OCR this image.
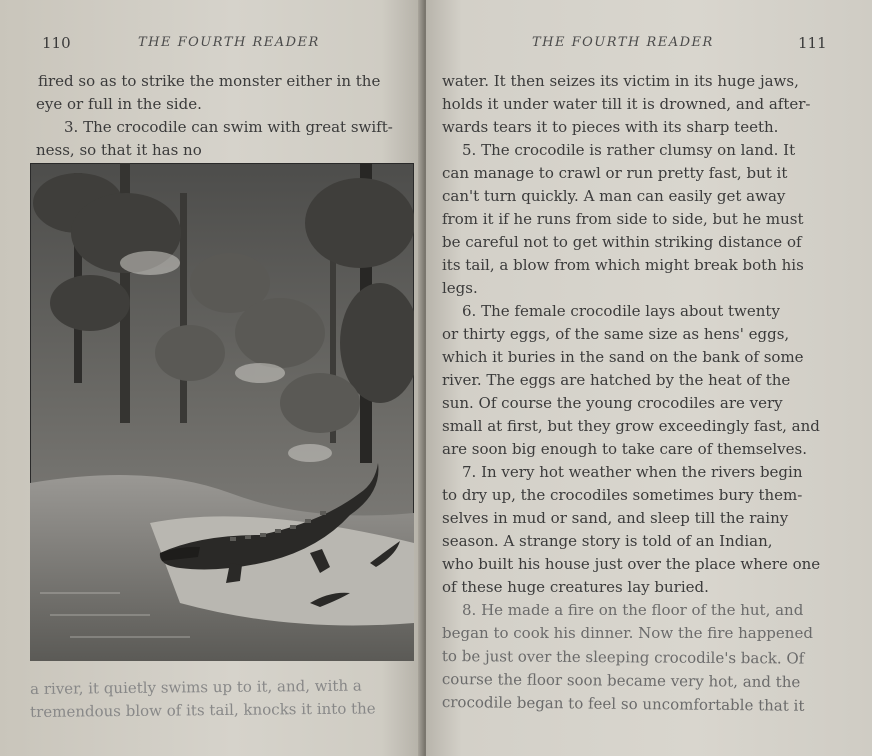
110	THE FOURTH READER
fired so as to strike the monster either in the
eye or full in the side.
3. The crocodile can swim with great swift-
ness, so that it has no
a river, it quietly swims up to it, and, with a
tremendous blow of its tail, knocks it into the
THE FOURTH READER	111
water. It then seizes its victim in its huge jaws,
holds it under water till it is drowned, and after-
wards tears it to pieces with its sharp teeth.
5. The crocodile is rather clumsy on land. It
can manage to crawl or run pretty fast, but it
can't turn quickly. A man can easily get away
from it if he runs from side to side, but he must
be careful not to get within striking distance of
its tail, a blow from which might break both his
legs.
6. The female crocodile lays about twenty
or thirty eggs, of the same size as hens' eggs,
which it buries in the sand on the bank of some
river. The eggs are hatched by the heat of the
sun. Of course the young crocodiles are very
small at first, but they grow exceedingly fast, and
are soon big enough to take care of themselves.
7. In very hot weather when the rivers begin
to dry up, the crocodiles sometimes bury them-
selves in mud or sand, and sleep till the rainy
season. A strange story is told of an Indian,
who built his house just over the place where one
of these huge creatures lay buried.
8. He made a fire on the floor of the hut, and
began to cook his dinner. Now the fire happened
to be just over the sleeping crocodile's back. Of
course the floor soon became very hot, and the
crocodile began to feel so uncomfortable that it
